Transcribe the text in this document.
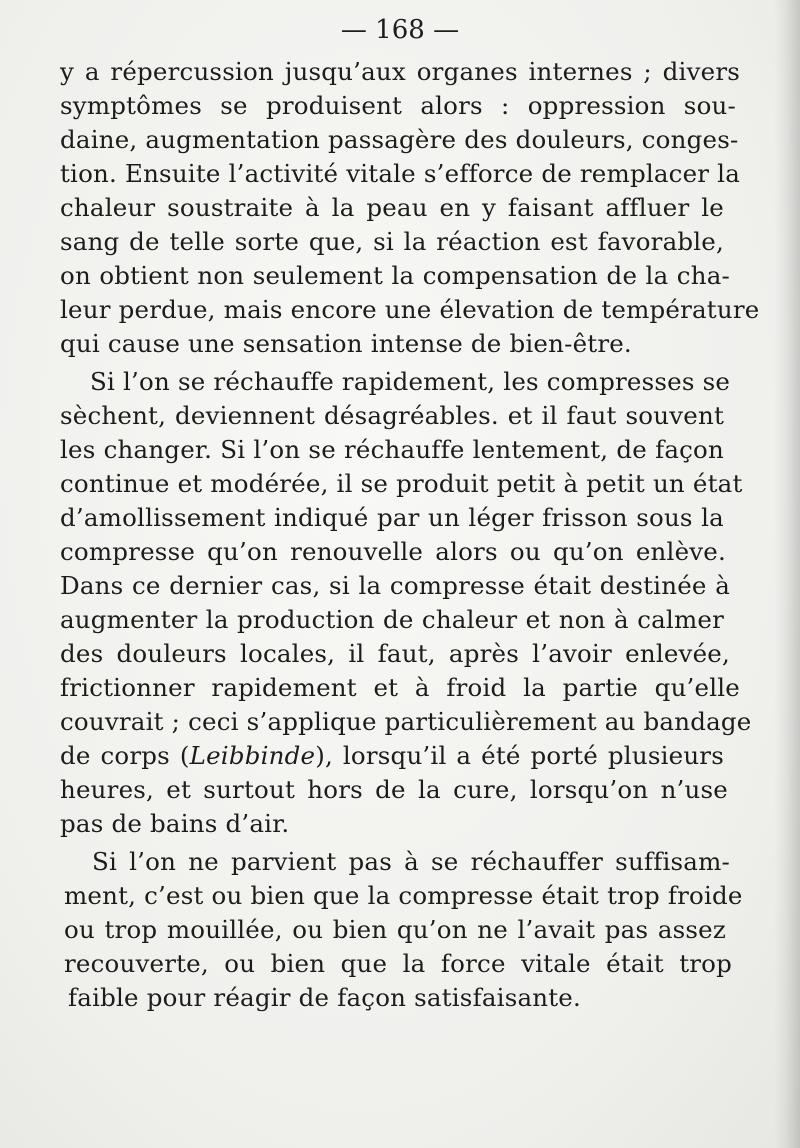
— 168 —
y a répercussion jusqu’aux organes internes ; divers
symptômes se produisent alors : oppression sou-
daine, augmentation passagère des douleurs, conges-
tion. Ensuite l’activité vitale s’efforce de remplacer la
chaleur soustraite à la peau en y faisant affluer le
sang de telle sorte que, si la réaction est favorable,
on obtient non seulement la compensation de la cha-
leur perdue, mais encore une élevation de température
qui cause une sensation intense de bien-être.
Si l’on se réchauffe rapidement, les compresses se
sèchent, deviennent désagréables. et il faut souvent
les changer. Si l’on se réchauffe lentement, de façon
continue et modérée, il se produit petit à petit un état
d’amollissement indiqué par un léger frisson sous la
compresse qu’on renouvelle alors ou qu’on enlève.
Dans ce dernier cas, si la compresse était destinée à
augmenter la production de chaleur et non à calmer
des douleurs locales, il faut, après l’avoir enlevée,
frictionner rapidement et à froid la partie qu’elle
couvrait ; ceci s’applique particulièrement au bandage
de corps (Leibbinde), lorsqu’il a été porté plusieurs
heures, et surtout hors de la cure, lorsqu’on n’use
pas de bains d’air.
Si l’on ne parvient pas à se réchauffer suffisam-
ment, c’est ou bien que la compresse était trop froide
ou trop mouillée, ou bien qu’on ne l’avait pas assez
recouverte, ou bien que la force vitale était trop
faible pour réagir de façon satisfaisante.
